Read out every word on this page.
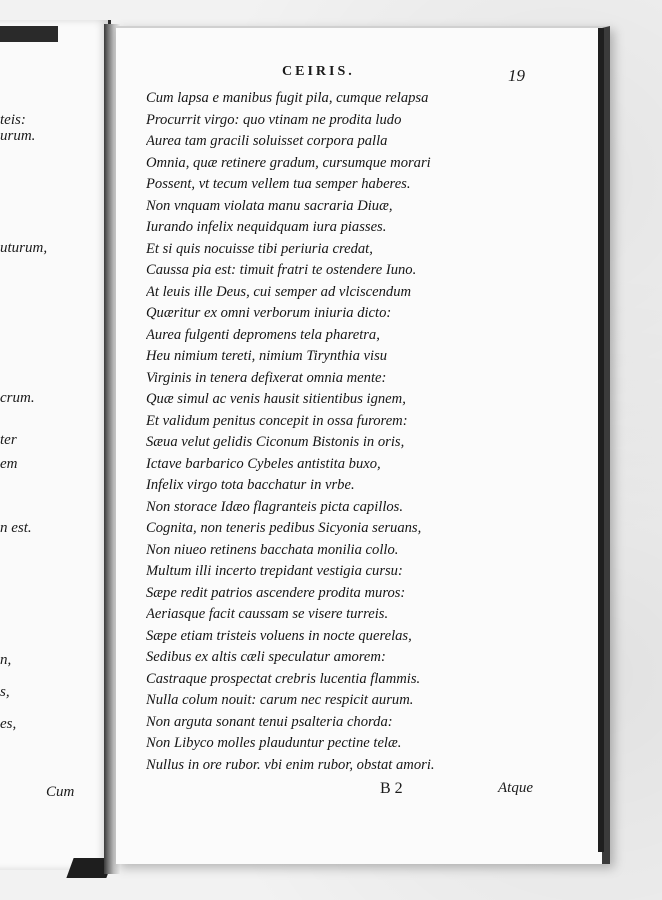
teis:
urum.
uturum,
crum.
ter
em
n est.
n,
s,
es,
Cum
CEIRIS.	19
Cum lapsa e manibus fugit pila, cumque relapsa
Procurrit virgo: quo vtinam ne prodita ludo
Aurea tam gracili soluisset corpora palla
Omnia, quæ retinere gradum, cursumque morari
Possent, vt tecum vellem tua semper haberes.
Non vnquam violata manu sacraria Diuæ,
Iurando infelix nequidquam iura piasses.
Et si quis nocuisse tibi periuria credat,
Caussa pia est: timuit fratri te ostendere Iuno.
At leuis ille Deus, cui semper ad vlciscendum
Quæritur ex omni verborum iniuria dicto:
Aurea fulgenti depromens tela pharetra,
Heu nimium tereti, nimium Tirynthia visu
Virginis in tenera defixerat omnia mente:
Quæ simul ac venis hausit sitientibus ignem,
Et validum penitus concepit in ossa furorem:
Sæua velut gelidis Ciconum Bistonis in oris,
Ictave barbarico Cybeles antistita buxo,
Infelix virgo tota bacchatur in vrbe.
Non storace Idæo flagranteis picta capillos.
Cognita, non teneris pedibus Sicyonia seruans,
Non niueo retinens bacchata monilia collo.
Multum illi incerto trepidant vestigia cursu:
Sæpe redit patrios ascendere prodita muros:
Aeriasque facit caussam se visere turreis.
Sæpe etiam tristeis voluens in nocte querelas,
Sedibus ex altis cæli speculatur amorem:
Castraque prospectat crebris lucentia flammis.
Nulla colum nouit: carum nec respicit aurum.
Non arguta sonant tenui psalteria chorda:
Non Libyco molles plauduntur pectine telæ.
Nullus in ore rubor. vbi enim rubor, obstat amori.
B 2	Atque
